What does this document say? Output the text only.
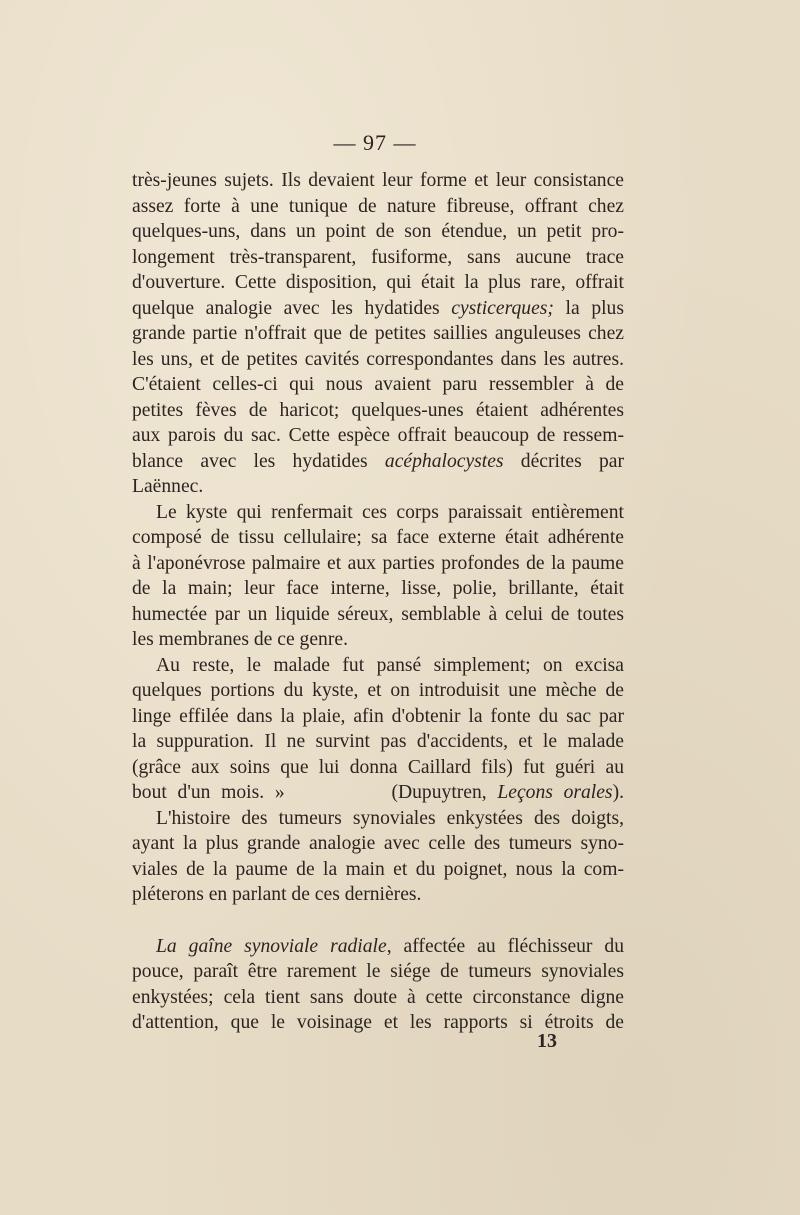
— 97 —
très-jeunes sujets. Ils devaient leur forme et leur consistance
assez forte à une tunique de nature fibreuse, offrant chez
quelques-uns, dans un point de son étendue, un petit pro-
longement très-transparent, fusiforme, sans aucune trace
d'ouverture. Cette disposition, qui était la plus rare, offrait
quelque analogie avec les hydatides cysticerques; la plus
grande partie n'offrait que de petites saillies anguleuses chez
les uns, et de petites cavités correspondantes dans les autres.
C'étaient celles-ci qui nous avaient paru ressembler à de
petites fèves de haricot; quelques-unes étaient adhérentes
aux parois du sac. Cette espèce offrait beaucoup de ressem-
blance avec les hydatides acéphalocystes décrites par
Laënnec.
Le kyste qui renfermait ces corps paraissait entièrement
composé de tissu cellulaire; sa face externe était adhérente
à l'aponévrose palmaire et aux parties profondes de la paume
de la main; leur face interne, lisse, polie, brillante, était
humectée par un liquide séreux, semblable à celui de toutes
les membranes de ce genre.
Au reste, le malade fut pansé simplement; on excisa
quelques portions du kyste, et on introduisit une mèche de
linge effilée dans la plaie, afin d'obtenir la fonte du sac par
la suppuration. Il ne survint pas d'accidents, et le malade
(grâce aux soins que lui donna Caillard fils) fut guéri au
bout d'un mois. »          (Dupuytren, Leçons orales).
L'histoire des tumeurs synoviales enkystées des doigts,
ayant la plus grande analogie avec celle des tumeurs syno-
viales de la paume de la main et du poignet, nous la com-
pléterons en parlant de ces dernières.
La gaîne synoviale radiale, affectée au fléchisseur du
pouce, paraît être rarement le siége de tumeurs synoviales
enkystées; cela tient sans doute à cette circonstance digne
d'attention, que le voisinage et les rapports si étroits de
13
